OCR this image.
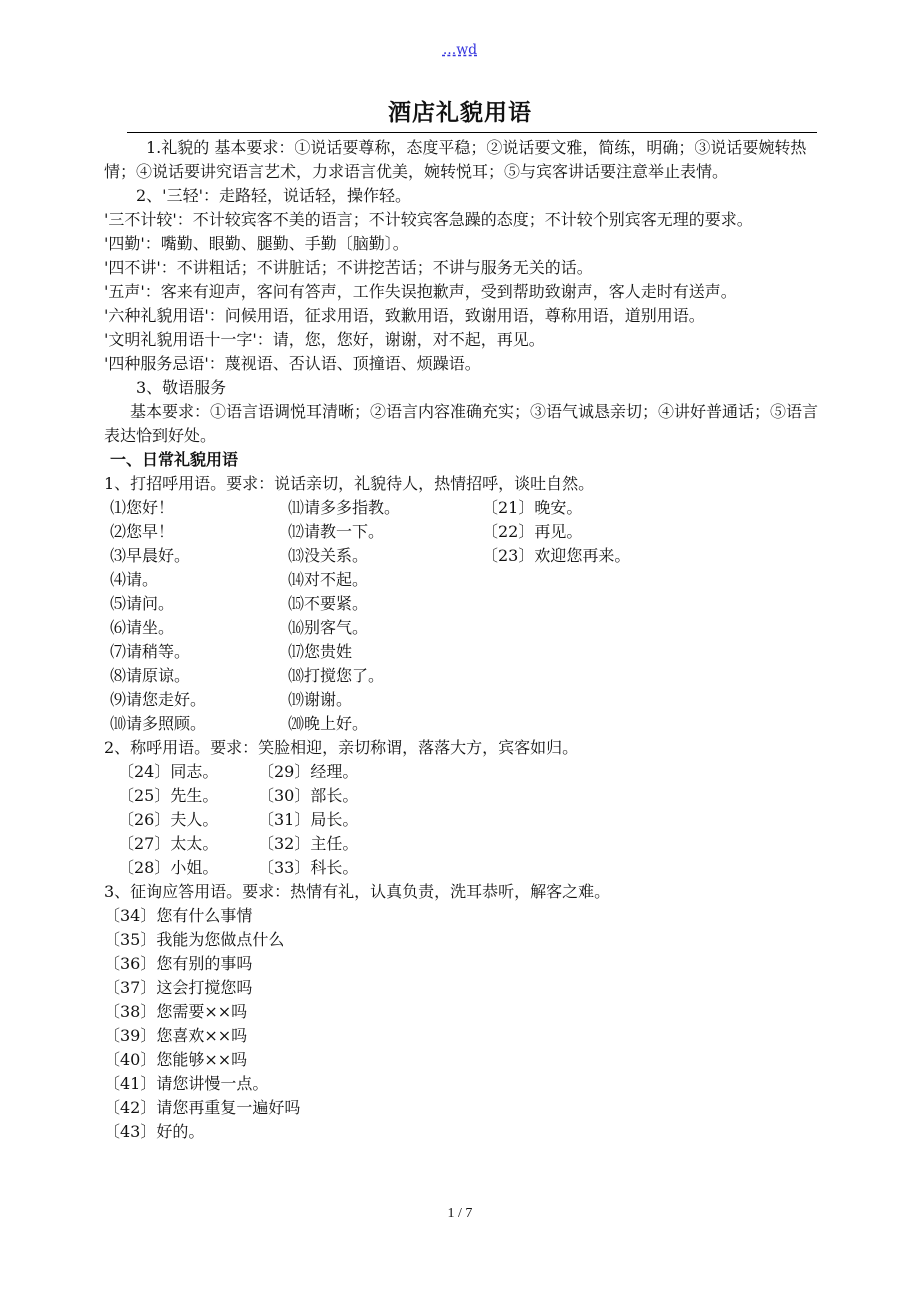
...wd
酒店礼貌用语

1.礼貌的 基本要求：①说话要尊称，态度平稳；②说话要文雅，简练，明确；③说话要婉转热情；④说话要讲究语言艺术，力求语言优美，婉转悦耳；⑤与宾客讲话要注意举止表情。

2、'三轻'：走路轻，说话轻，操作轻。

'三不计较'：不计较宾客不美的语言；不计较宾客急躁的态度；不计较个别宾客无理的要求。

'四勤'：嘴勤、眼勤、腿勤、手勤〔脑勤〕。

'四不讲'：不讲粗话；不讲脏话；不讲挖苦话；不讲与服务无关的话。

'五声'：客来有迎声，客问有答声，工作失误抱歉声，受到帮助致谢声，客人走时有送声。

'六种礼貌用语'：问候用语，征求用语，致歉用语，致谢用语，尊称用语，道别用语。

'文明礼貌用语十一字'：请，您，您好，谢谢，对不起，再见。

'四种服务忌语'：蔑视语、否认语、顶撞语、烦躁语。

3、敬语服务

基本要求：①语言语调悦耳清晰；②语言内容准确充实；③语气诚恳亲切；④讲好普通话；⑤语言表达恰到好处。

一、日常礼貌用语

1、打招呼用语。要求：说话亲切，礼貌待人，热情招呼，谈吐自然。

⑴您好！	⑾请多多指教。	〔21〕晚安。
⑵您早！	⑿请教一下。	〔22〕再见。
⑶早晨好。	⒀没关系。	〔23〕欢迎您再来。
⑷请。	⒁对不起。
⑸请问。	⒂不要紧。
⑹请坐。	⒃别客气。
⑺请稍等。	⒄您贵姓
⑻请原谅。	⒅打搅您了。
⑼请您走好。	⒆谢谢。
⑽请多照顾。	⒇晚上好。

2、称呼用语。要求：笑脸相迎，亲切称谓，落落大方，宾客如归。

〔24〕同志。	〔29〕经理。
〔25〕先生。	〔30〕部长。
〔26〕夫人。	〔31〕局长。
〔27〕太太。	〔32〕主任。
〔28〕小姐。	〔33〕科长。

3、征询应答用语。要求：热情有礼，认真负责，洗耳恭听，解客之难。

〔34〕您有什么事情
〔35〕我能为您做点什么
〔36〕您有别的事吗
〔37〕这会打搅您吗
〔38〕您需要××吗
〔39〕您喜欢××吗
〔40〕您能够××吗
〔41〕请您讲慢一点。
〔42〕请您再重复一遍好吗
〔43〕好的。
1 / 7
